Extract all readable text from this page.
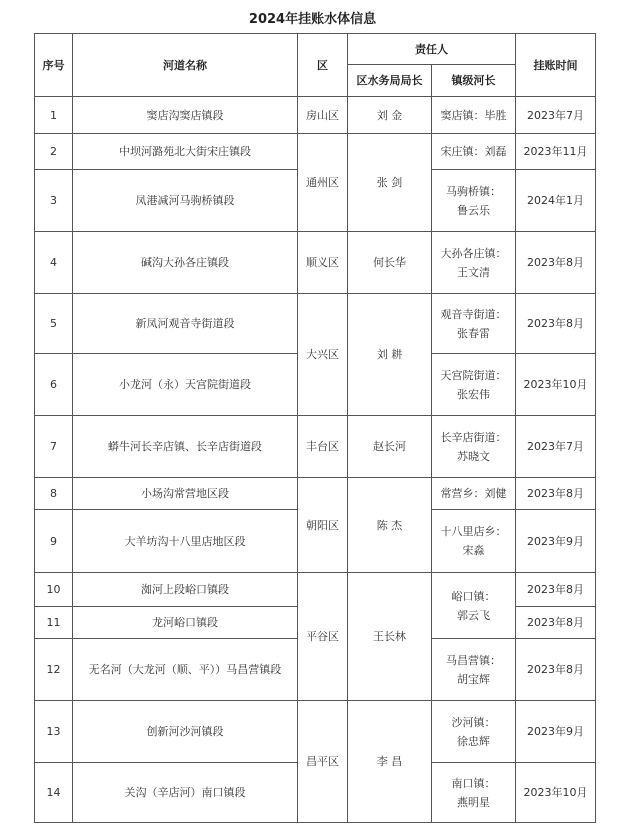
2024年挂账水体信息
序号	河道名称	区	责任人		挂账时间
			区水务局局长	镇级河长	
1	窦店沟窦店镇段	房山区	刘 金	窦店镇：毕胜	2023年7月
2	中坝河潞苑北大街宋庄镇段	通州区	张 剑	宋庄镇：刘磊	2023年11月
3	凤港减河马驹桥镇段			马驹桥镇：
鲁云乐	2024年1月
4	碱沟大孙各庄镇段	顺义区	何长华	大孙各庄镇：
王文清	2023年8月
5	新凤河观音寺街道段	大兴区	刘 耕	观音寺街道：
张春雷	2023年8月
6	小龙河（永）天宫院街道段			天宫院街道：
张宏伟	2023年10月
7	蟒牛河长辛店镇、长辛店街道段	丰台区	赵长河	长辛店街道：
苏晓文	2023年7月
8	小场沟常营地区段	朝阳区	陈 杰	常营乡：刘健	2023年8月
9	大羊坊沟十八里店地区段			十八里店乡：
宋淼	2023年9月
10	洳河上段峪口镇段	平谷区	王长林	峪口镇：
郭云飞	2023年8月
11	龙河峪口镇段				2023年8月
12	无名河（大龙河（顺、平））马昌营镇段			马昌营镇：
胡宝辉	2023年8月
13	创新河沙河镇段	昌平区	李 昌	沙河镇：
徐忠辉	2023年9月
14	关沟（辛店河）南口镇段			南口镇：
燕明星	2023年10月
